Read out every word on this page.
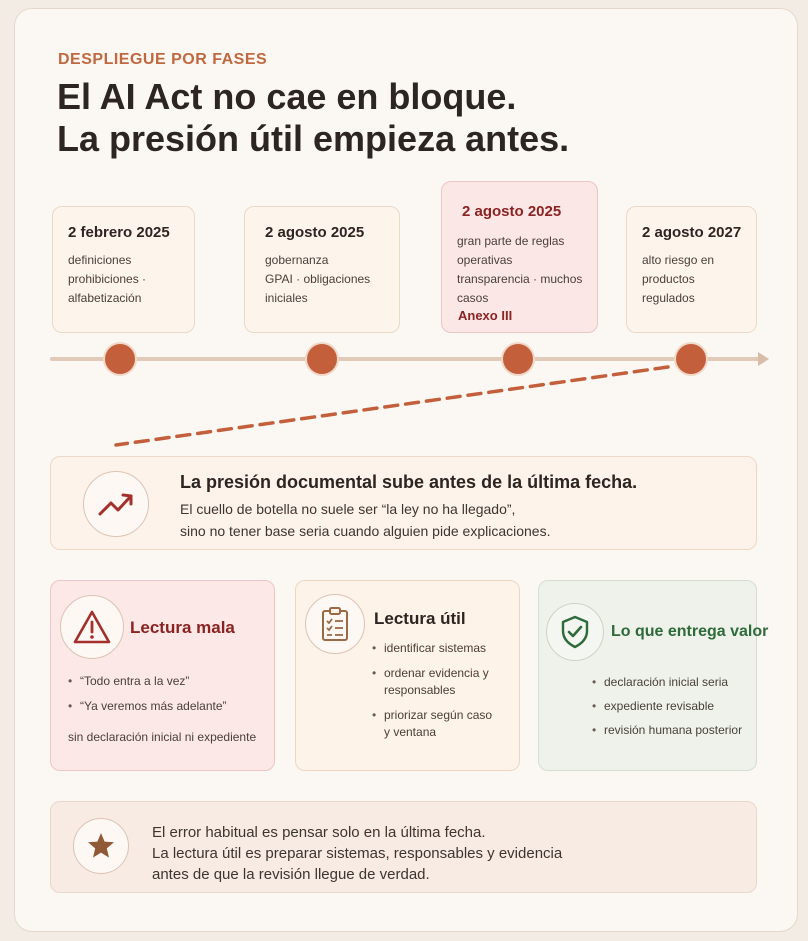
DESPLIEGUE POR FASES
El AI Act no cae en bloque.
La presión útil empieza antes.
2 febrero 2025
definiciones
prohibiciones ·
alfabetización
2 agosto 2025
gobernanza
GPAI · obligaciones
iniciales
2 agosto 2025
gran parte de reglas
operativas
transparencia · muchos
casos
Anexo III
2 agosto 2027
alto riesgo en
productos
regulados
La presión documental sube antes de la última fecha.
El cuello de botella no suele ser “la ley no ha llegado”,
sino no tener base seria cuando alguien pide explicaciones.
Lectura mala
• “Todo entra a la vez”
• “Ya veremos más adelante”
sin declaración inicial ni expediente
Lectura útil
• identificar sistemas
• ordenar evidencia y
responsables
• priorizar según caso
y ventana
Lo que entrega valor
• declaración inicial seria
• expediente revisable
• revisión humana posterior
El error habitual es pensar solo en la última fecha.
La lectura útil es preparar sistemas, responsables y evidencia
antes de que la revisión llegue de verdad.
